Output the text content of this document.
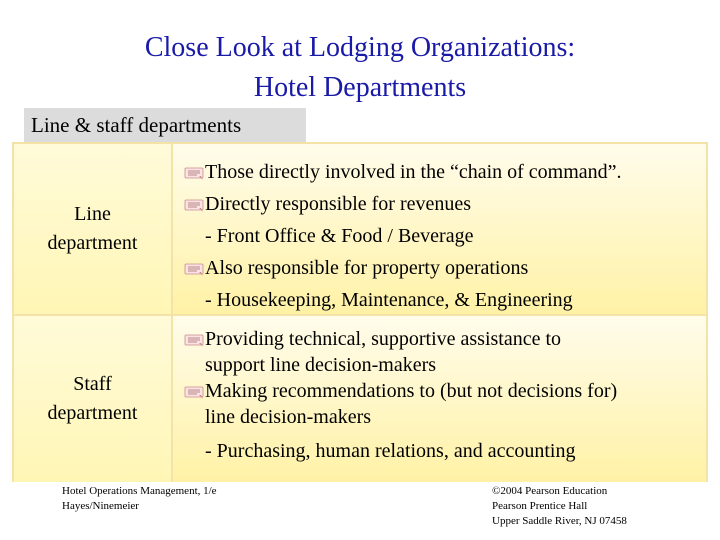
Close Look at Lodging Organizations:
Hotel Departments
Line & staff departments
Line
department
Those directly involved in the “chain of command”.
Directly responsible for revenues
- Front Office & Food / Beverage
Also responsible for property operations
- Housekeeping, Maintenance, & Engineering
Staff
department
Providing technical, supportive assistance to
support line decision-makers
Making recommendations to (but not decisions for)
line decision-makers
- Purchasing, human relations, and accounting
Hotel Operations Management, 1/e
Hayes/Ninemeier
©2004 Pearson Education
Pearson Prentice Hall
Upper Saddle River, NJ 07458
